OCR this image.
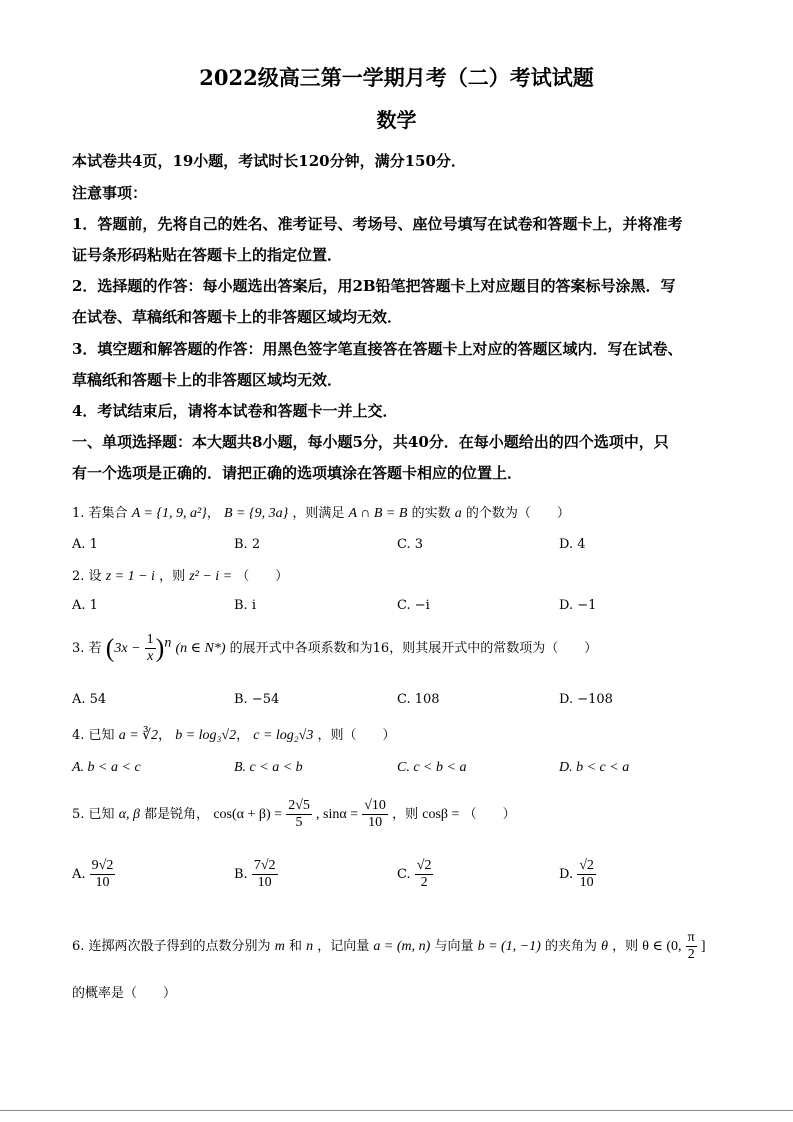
2022级高三第一学期月考（二）考试试题
数学
本试卷共4页，19小题，考试时长120分钟，满分150分．
注意事项：
1．答题前，先将自己的姓名、准考证号、考场号、座位号填写在试卷和答题卡上，并将准考
证号条形码粘贴在答题卡上的指定位置．
2．选择题的作答：每小题选出答案后，用2B铅笔把答题卡上对应题目的答案标号涂黑．写
在试卷、草稿纸和答题卡上的非答题区域均无效．
3．填空题和解答题的作答：用黑色签字笔直接答在答题卡上对应的答题区域内．写在试卷、
草稿纸和答题卡上的非答题区域均无效．
4．考试结束后，请将本试卷和答题卡一并上交．
一、单项选择题：本大题共8小题，每小题5分，共40分．在每小题给出的四个选项中，只
有一个选项是正确的．请把正确的选项填涂在答题卡相应的位置上．
1. 若集合 A = {1, 9, a²}， B = {9, 3a} ，则满足 A ∩ B = B 的实数 a 的个数为（　　）
A. 1	B. 2	C. 3	D. 4
2. 设 z = 1 − i ，则 z² − i = （　　）
A. 1	B. i	C. −i	D. −1
3. 若 $(3x - \frac{1}{x} )^n$ (n ∈ N*) 的展开式中各项系数和为16，则其展开式中的常数项为（　　）
A. 54	B. −54	C. 108	D. −108
4. 已知 a = ∛2， b = log₃√2， c = log₂√3 ，则（　　）
A. b < a < c	B. c < a < b	C. c < b < a	D. b < c < a
5. 已知 α, β 都是锐角， $\cos(\alpha + \beta) = \frac{2√5}{5}$ , $\sin\alpha = \frac{√10}{10}$ ，则 cosβ = （　　）
A. $\frac{9√2}{10}$	B. $\frac{7√2}{10}$	C. $\frac{√2}{2}$	D. $\frac{√2}{10}$
6. 连掷两次骰子得到的点数分别为 m 和 n ，记向量 a = (m, n) 与向量 b = (1, −1) 的夹角为 θ ，则 θ ∈ (0, $\frac{\pi}{2}$ ]
的概率是（　　）
